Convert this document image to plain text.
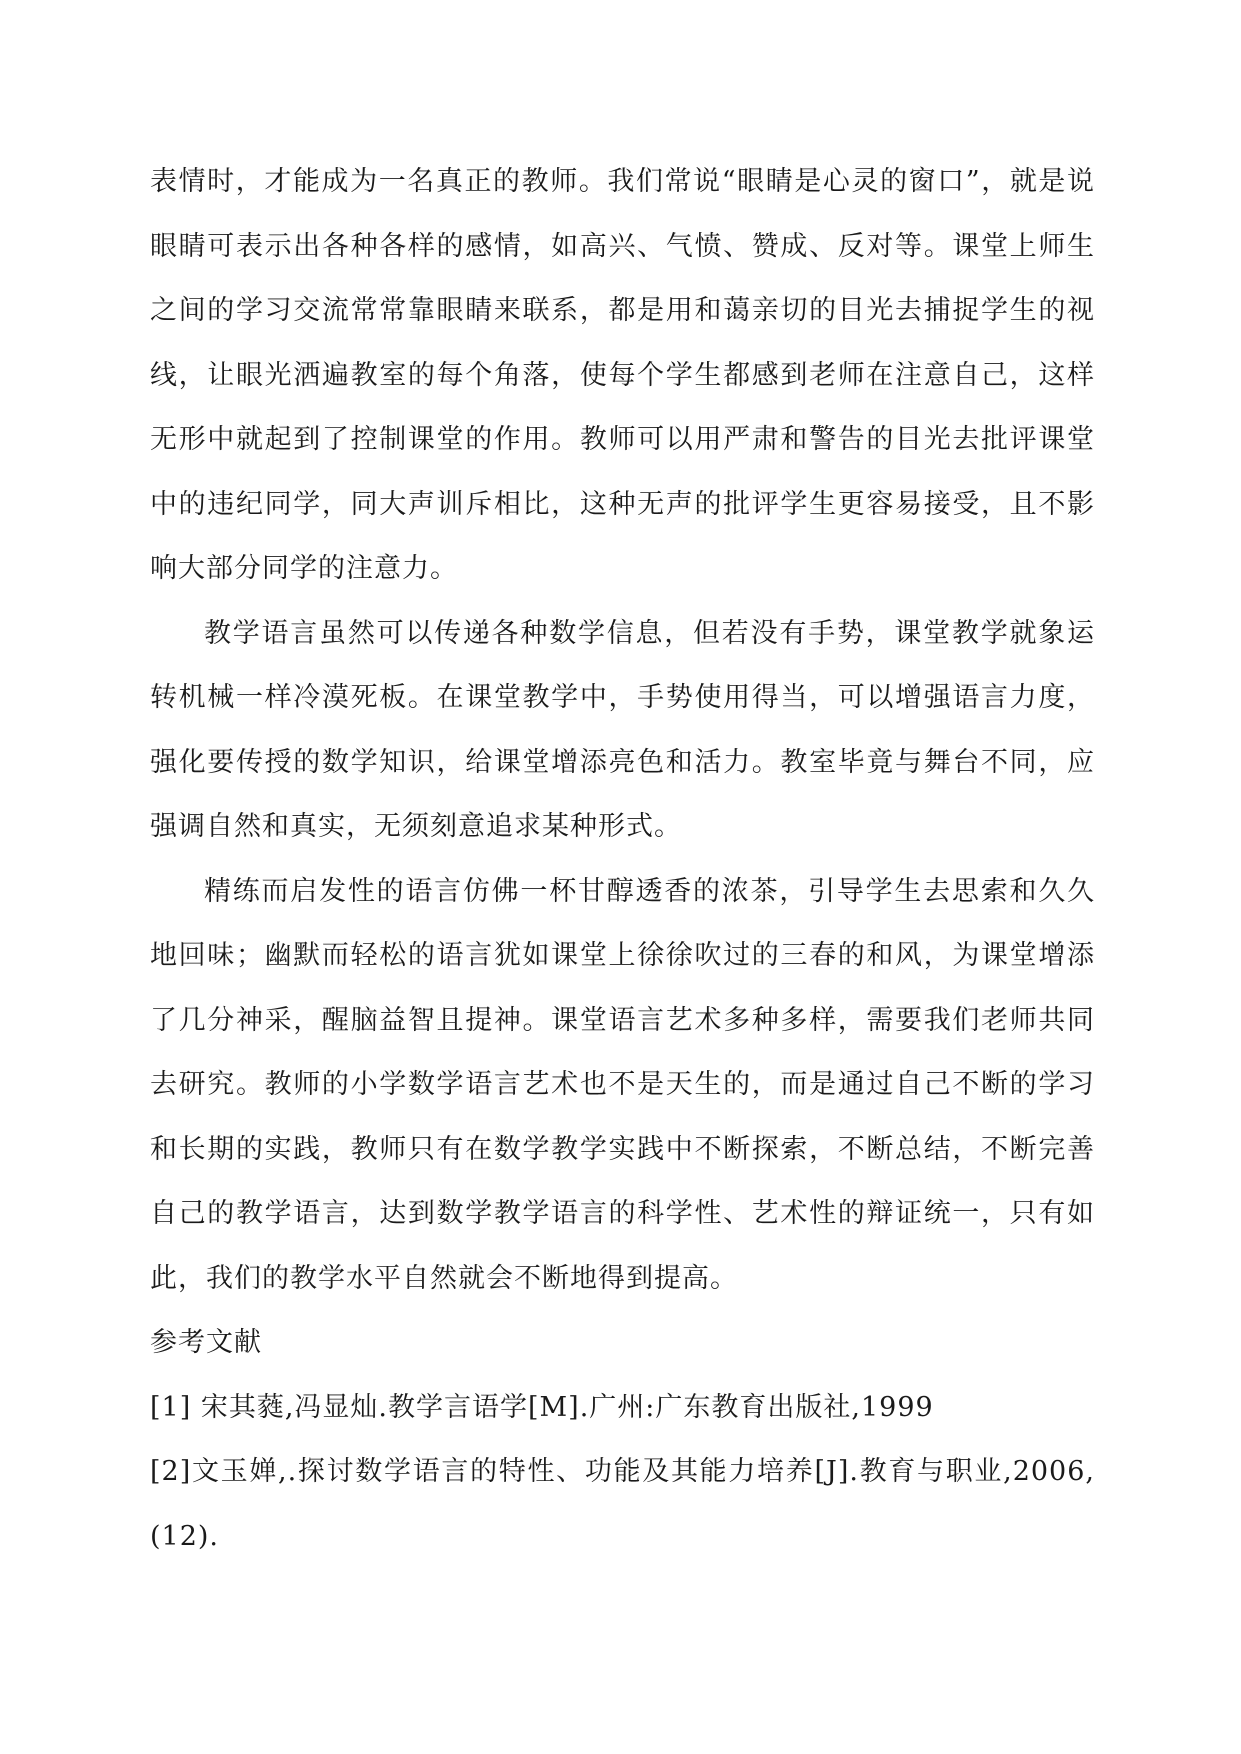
表情时，才能成为一名真正的教师。我们常说“眼睛是心灵的窗口”，就是说眼睛可表示出各种各样的感情，如高兴、气愤、赞成、反对等。课堂上师生之间的学习交流常常靠眼睛来联系，都是用和蔼亲切的目光去捕捉学生的视线，让眼光洒遍教室的每个角落，使每个学生都感到老师在注意自己，这样无形中就起到了控制课堂的作用。教师可以用严肃和警告的目光去批评课堂中的违纪同学，同大声训斥相比，这种无声的批评学生更容易接受，且不影响大部分同学的注意力。

教学语言虽然可以传递各种数学信息，但若没有手势，课堂教学就象运转机械一样冷漠死板。在课堂教学中，手势使用得当，可以增强语言力度，强化要传授的数学知识，给课堂增添亮色和活力。教室毕竟与舞台不同，应强调自然和真实，无须刻意追求某种形式。

精练而启发性的语言仿佛一杯甘醇透香的浓茶，引导学生去思索和久久地回味；幽默而轻松的语言犹如课堂上徐徐吹过的三春的和风，为课堂增添了几分神采，醒脑益智且提神。课堂语言艺术多种多样，需要我们老师共同去研究。教师的小学数学语言艺术也不是天生的，而是通过自己不断的学习和长期的实践，教师只有在数学教学实践中不断探索，不断总结，不断完善自己的教学语言，达到数学教学语言的科学性、艺术性的辩证统一，只有如此，我们的教学水平自然就会不断地得到提高。

参考文献

[1] 宋其蕤,冯显灿.教学言语学[M].广州:广东教育出版社,1999
[2]文玉婵,.探讨数学语言的特性、功能及其能力培养[J].教育与职业,2006,(12).
